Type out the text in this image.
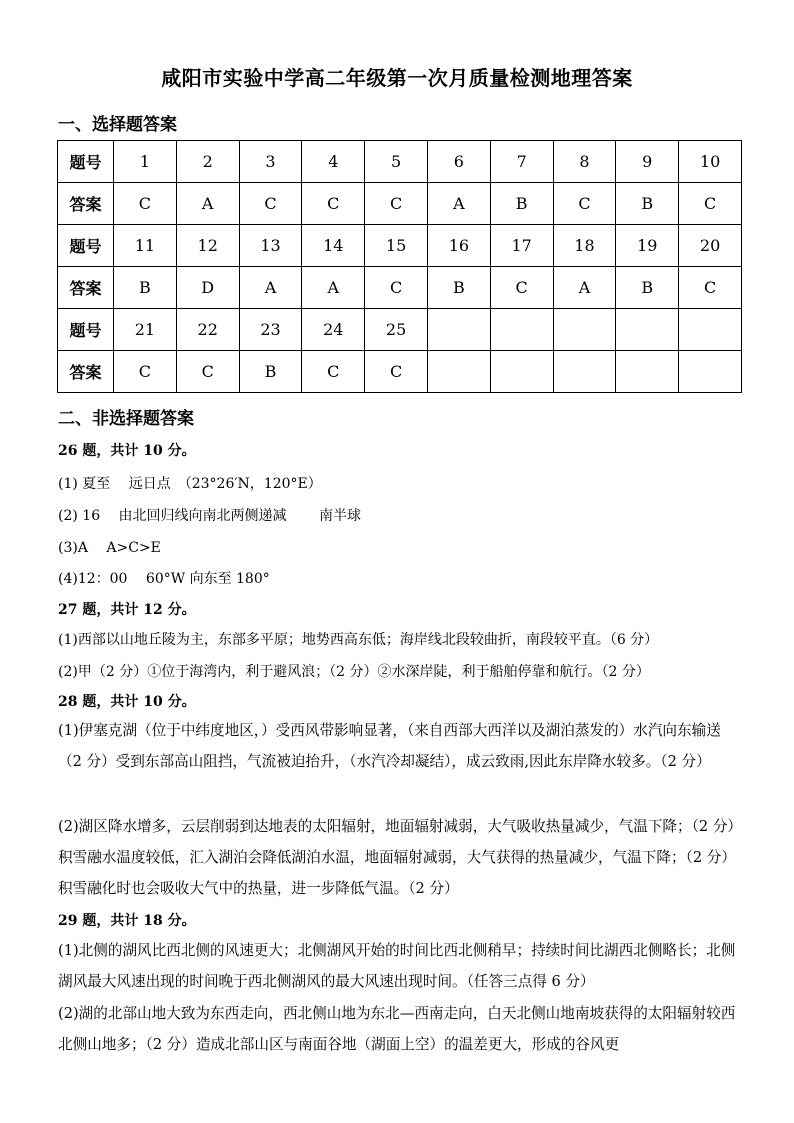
咸阳市实验中学高二年级第一次月质量检测地理答案
一、选择题答案
题号	1	2	3	4	5	6	7	8	9	10
答案	C	A	C	C	C	A	B	C	B	C
题号	11	12	13	14	15	16	17	18	19	20
答案	B	D	A	A	C	B	C	A	B	C
题号	21	22	23	24	25					
答案	C	C	B	C	C					
二、非选择题答案
26 题，共计 10 分。
(1) 夏至　 远日点　（23°26′N，120°E）
(2) 16　 由北回归线向南北两侧递减　　 南半球
(3)A　 A>C>E
(4)12：00　 60°W 向东至 180°
27 题，共计 12 分。
(1)西部以山地丘陵为主，东部多平原；地势西高东低；海岸线北段较曲折，南段较平直。（6 分）
(2)甲（2 分）①位于海湾内，利于避风浪；（2 分）②水深岸陡，利于船舶停靠和航行。（2 分）
28 题，共计 10 分。
(1)伊塞克湖（位于中纬度地区，）受西风带影响显著，（来自西部大西洋以及湖泊蒸发的）水汽向东输送 （2 分）受到东部高山阻挡，气流被迫抬升，（水汽冷却凝结），成云致雨,因此东岸降水较多。（2 分）
(2)湖区降水增多，云层削弱到达地表的太阳辐射，地面辐射减弱，大气吸收热量减少，气温下降；（2 分）积雪融水温度较低，汇入湖泊会降低湖泊水温，地面辐射减弱，大气获得的热量减少，气温下降；（2 分）积雪融化时也会吸收大气中的热量，进一步降低气温。（2 分）
29 题，共计 18 分。
(1)北侧的湖风比西北侧的风速更大；北侧湖风开始的时间比西北侧稍早；持续时间比湖西北侧略长；北侧湖风最大风速出现的时间晚于西北侧湖风的最大风速出现时间。（任答三点得 6 分）
(2)湖的北部山地大致为东西走向，西北侧山地为东北—西南走向，白天北侧山地南坡获得的太阳辐射较西北侧山地多；（2 分）造成北部山区与南面谷地（湖面上空）的温差更大，形成的谷风更
